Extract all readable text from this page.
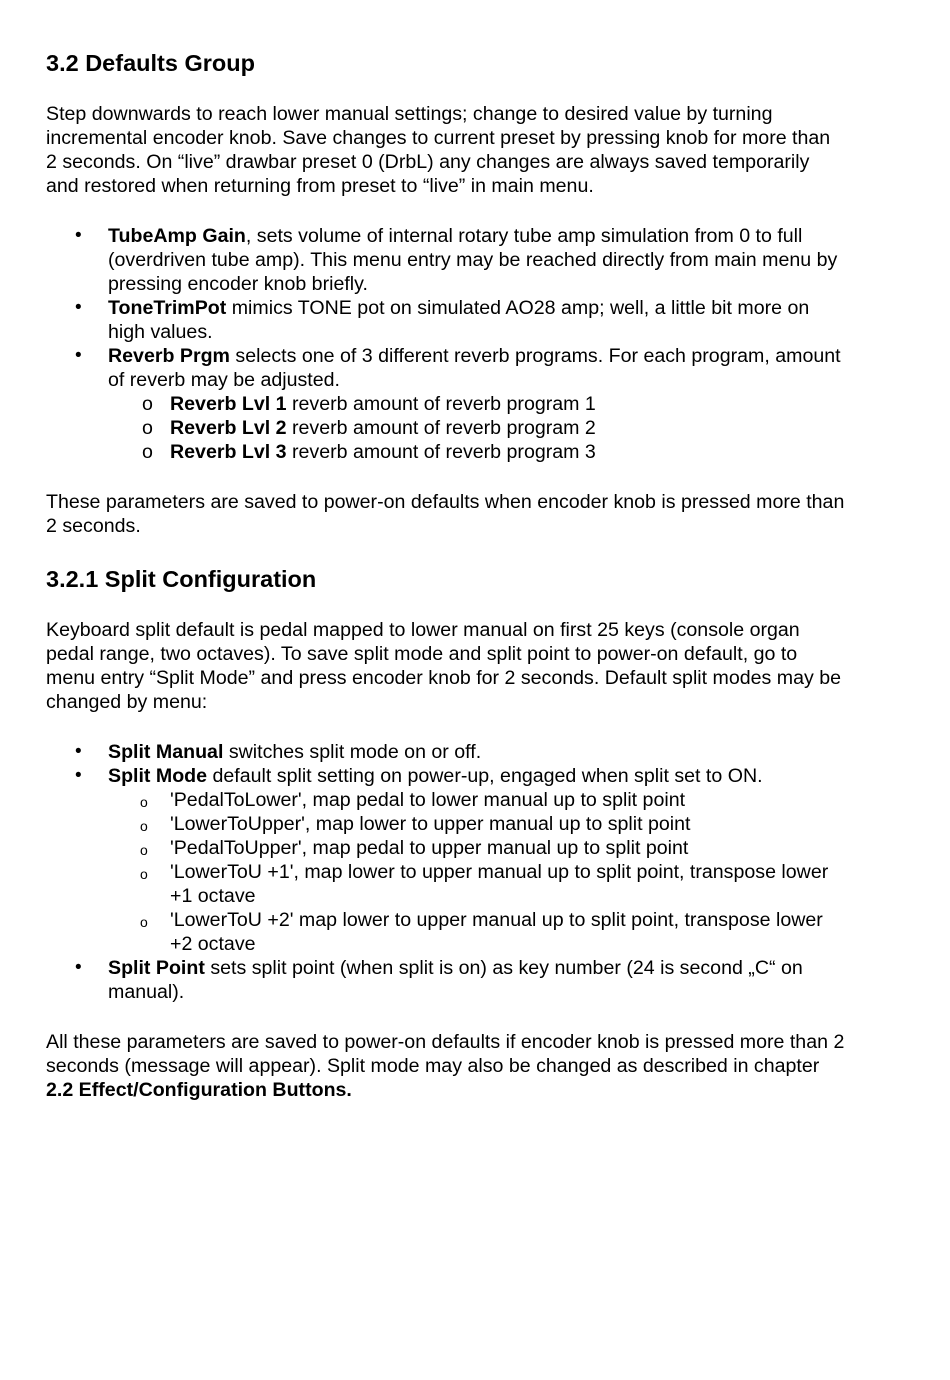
3.2 Defaults Group

Step downwards to reach lower manual settings; change to desired value by turning incremental encoder knob. Save changes to current preset by pressing knob for more than 2 seconds. On “live” drawbar preset 0 (DrbL) any changes are always saved temporarily and restored when returning from preset to “live” in main menu.

• TubeAmp Gain, sets volume of internal rotary tube amp simulation from 0 to full (overdriven tube amp). This menu entry may be reached directly from main menu by pressing encoder knob briefly.
• ToneTrimPot mimics TONE pot on simulated AO28 amp; well, a little bit more on high values.
• Reverb Prgm selects one of 3 different reverb programs. For each program, amount of reverb may be adjusted.
o Reverb Lvl 1 reverb amount of reverb program 1
o Reverb Lvl 2 reverb amount of reverb program 2
o Reverb Lvl 3 reverb amount of reverb program 3

These parameters are saved to power-on defaults when encoder knob is pressed more than 2 seconds.

3.2.1 Split Configuration

Keyboard split default is pedal mapped to lower manual on first 25 keys (console organ pedal range, two octaves). To save split mode and split point to power-on default, go to menu entry “Split Mode” and press encoder knob for 2 seconds. Default split modes may be changed by menu:

• Split Manual switches split mode on or off.
• Split Mode default split setting on power-up, engaged when split set to ON.
o 'PedalToLower', map pedal to lower manual up to split point
o 'LowerToUpper', map lower to upper manual up to split point
o 'PedalToUpper', map pedal to upper manual up to split point
o 'LowerToU +1', map lower to upper manual up to split point, transpose lower +1 octave
o 'LowerToU +2' map lower to upper manual up to split point, transpose lower +2 octave
• Split Point sets split point (when split is on) as key number (24 is second „C“ on manual).

All these parameters are saved to power-on defaults if encoder knob is pressed more than 2 seconds (message will appear). Split mode may also be changed as described in chapter 2.2 Effect/Configuration Buttons.
